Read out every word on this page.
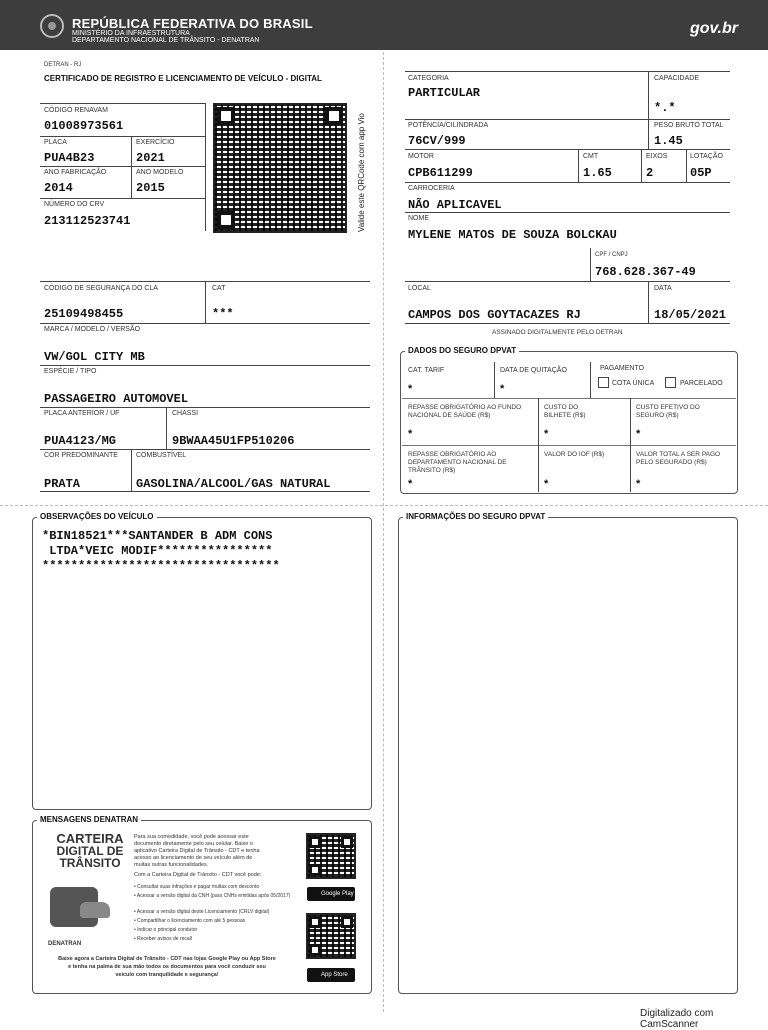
REPÚBLICA FEDERATIVA DO BRASIL
MINISTÉRIO DA INFRAESTRUTURA
DEPARTAMENTO NACIONAL DE TRÂNSITO - DENATRAN
gov.br
DETRAN - RJ
CERTIFICADO DE REGISTRO E LICENCIAMENTO DE VEÍCULO - DIGITAL
CÓDIGO RENAVAM
01008973561
PLACA
PUA4B23
EXERCÍCIO
2021
ANO FABRICAÇÃO
2014
ANO MODELO
2015
NÚMERO DO CRV
213112523741	Valide este QRCode com app Vio
CÓDIGO DE SEGURANÇA DO CLA
25109498455
CAT
***
MARCA / MODELO / VERSÃO
VW/GOL CITY MB
ESPÉCIE / TIPO
PASSAGEIRO AUTOMOVEL
PLACA ANTERIOR / UF
PUA4123/MG
CHASSI
9BWAA45U1FP510206
COR PREDOMINANTE
PRATA
COMBUSTÍVEL
GASOLINA/ALCOOL/GAS NATURAL
CATEGORIA
PARTICULAR
CAPACIDADE
*.*
POTÊNCIA/CILINDRADA
76CV/999
PESO BRUTO TOTAL
1.45
MOTOR
CPB611299
CMT
1.65
EIXOS
2
LOTAÇÃO
05P
CARROCERIA
NÃO APLICAVEL
NOME
MYLENE MATOS DE SOUZA BOLCKAU
CPF / CNPJ
768.628.367-49
LOCAL
CAMPOS DOS GOYTACAZES RJ
DATA
18/05/2021
ASSINADO DIGITALMENTE PELO DETRAN
DADOS DO SEGURO DPVAT
CAT. TARIF
*
DATA DE QUITAÇÃO
*
PAGAMENTO
COTA ÚNICA	PARCELADO
REPASSE OBRIGATÓRIO AO FUNDO NACIONAL DE SAÚDE (R$)
*
CUSTO DO BILHETE (R$)
*
CUSTO EFETIVO DO SEGURO (R$)
*
REPASSE OBRIGATÓRIO AO DEPARTAMENTO NACIONAL DE TRÂNSITO (R$)
*
VALOR DO IOF (R$)
*
VALOR TOTAL A SER PAGO PELO SEGURADO (R$)
*
OBSERVAÇÕES DO VEÍCULO
*BIN18521***SANTANDER B ADM CONS
LTDA*VEIC MODIF****************
*********************************
INFORMAÇÕES DO SEGURO DPVAT
MENSAGENS DENATRAN
CARTEIRA
DIGITAL DE
TRÂNSITO
DENATRAN
Para sua comodidade, você pode acessar este
documento diretamente pelo seu celular. Baixe o
aplicativo Carteira Digital de Trânsito - CDT e tenha
acesso ao licenciamento de seu veículo além de
muitas outras funcionalidades.
Com a Carteira Digital de Trânsito - CDT você pode:
• Consultar suas infrações e pagar multas com desconto
• Acessar a versão digital da CNH (para CNHs emitidas após 05/2017)
• Acessar a versão digital deste Licenciamento (CRLV digital)
• Compartilhar o licenciamento com até 5 pessoas
• Indicar o principal condutor
• Receber avisos de recall
Google Play
App Store
Baixe agora a Carteira Digital de Trânsito - CDT nas lojas Google Play ou App Store
e tenha na palma de sua mão todos os documentos para você conduzir seu
veículo com tranquilidade e segurança!
Digitalizado com CamScanner
